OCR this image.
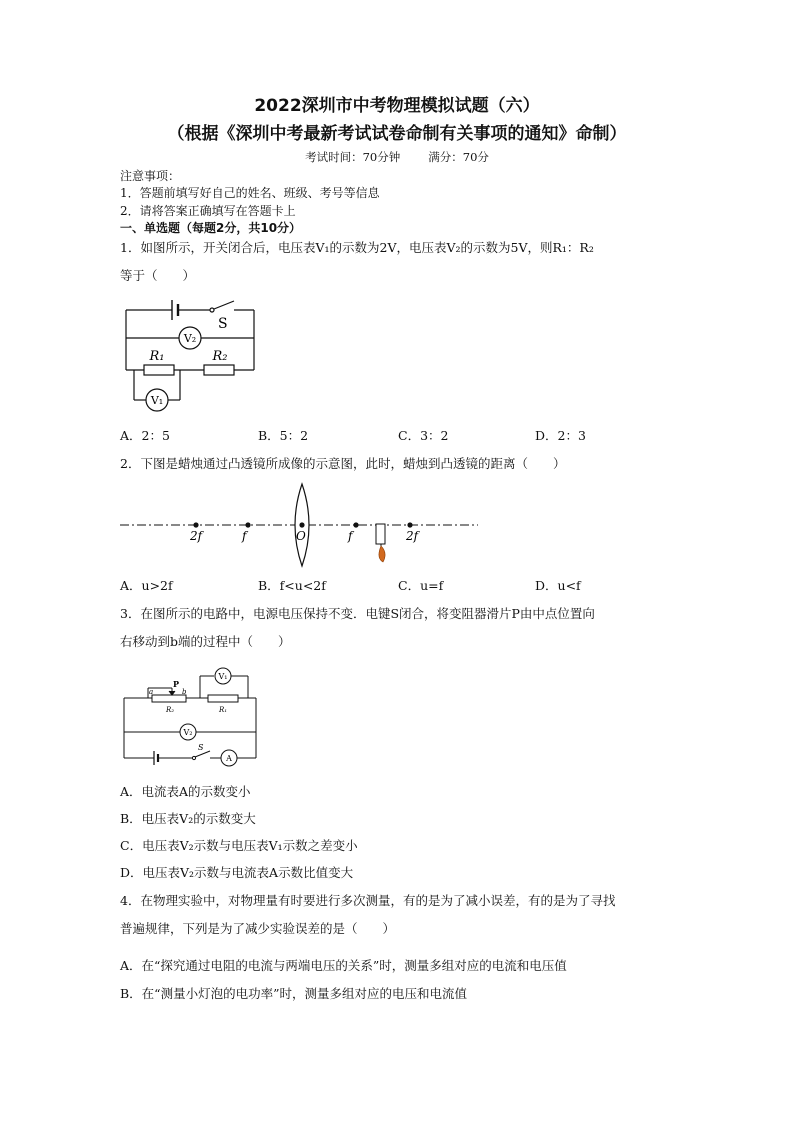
2022深圳市中考物理模拟试题（六）
（根据《深圳中考最新考试试卷命制有关事项的通知》命制）
考试时间：70分钟 满分：70分
注意事项：
1．答题前填写好自己的姓名、班级、考号等信息
2．请将答案正确填写在答题卡上
一、单选题（每题2分，共10分）
1．如图所示，开关闭合后，电压表V₁的示数为2V，电压表V₂的示数为5V，则R₁：R₂
等于（　　）
S
V₂
R₁	R₂
V₁
A．2：5	B．5：2	C．3：2	D．2：3
2．下图是蜡烛通过凸透镜所成像的示意图，此时，蜡烛到凸透镜的距离（　　）
2f	f	O	f	2f
A．u>2f	B．f<u<2f	C．u=f	D．u<f
3．在图所示的电路中，电源电压保持不变．电键S闭合，将变阻器滑片P由中点位置向
右移动到b端的过程中（　　）
a
P
b
R₂	R₁
V₁
V₂
S
A
A．电流表A的示数变小
B．电压表V₂的示数变大
C．电压表V₂示数与电压表V₁示数之差变小
D．电压表V₂示数与电流表A示数比值变大
4．在物理实验中，对物理量有时要进行多次测量，有的是为了减小误差，有的是为了寻找
普遍规律，下列是为了减少实验误差的是（　　）
A．在“探究通过电阻的电流与两端电压的关系”时，测量多组对应的电流和电压值
B．在“测量小灯泡的电功率”时，测量多组对应的电压和电流值
